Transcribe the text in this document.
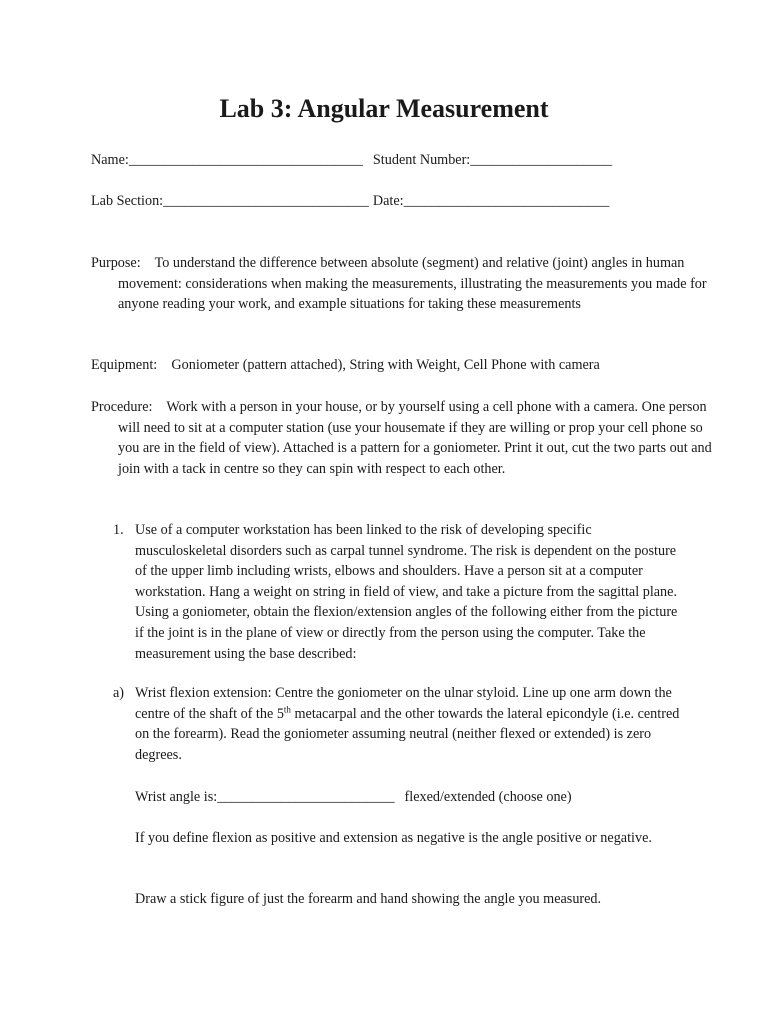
Lab 3: Angular Measurement
Name:_________________________________ Student Number:____________________
Lab Section:_____________________________ Date:_____________________________

Purpose: To understand the difference between absolute (segment) and relative (joint) angles in human movement: considerations when making the measurements, illustrating the measurements you made for anyone reading your work, and example situations for taking these measurements

Equipment: Goniometer (pattern attached), String with Weight, Cell Phone with camera

Procedure: Work with a person in your house, or by yourself using a cell phone with a camera. One person will need to sit at a computer station (use your housemate if they are willing or prop your cell phone so you are in the field of view). Attached is a pattern for a goniometer. Print it out, cut the two parts out and join with a tack in centre so they can spin with respect to each other.

1. Use of a computer workstation has been linked to the risk of developing specific musculoskeletal disorders such as carpal tunnel syndrome. The risk is dependent on the posture of the upper limb including wrists, elbows and shoulders. Have a person sit at a computer workstation. Hang a weight on string in field of view, and take a picture from the sagittal plane. Using a goniometer, obtain the flexion/extension angles of the following either from the picture if the joint is in the plane of view or directly from the person using the computer. Take the measurement using the base described:
a) Wrist flexion extension: Centre the goniometer on the ulnar styloid. Line up one arm down the centre of the shaft of the 5th metacarpal and the other towards the lateral epicondyle (i.e. centred on the forearm). Read the goniometer assuming neutral (neither flexed or extended) is zero degrees.
Wrist angle is:_________________________ flexed/extended (choose one)
If you define flexion as positive and extension as negative is the angle positive or negative.
Draw a stick figure of just the forearm and hand showing the angle you measured.
